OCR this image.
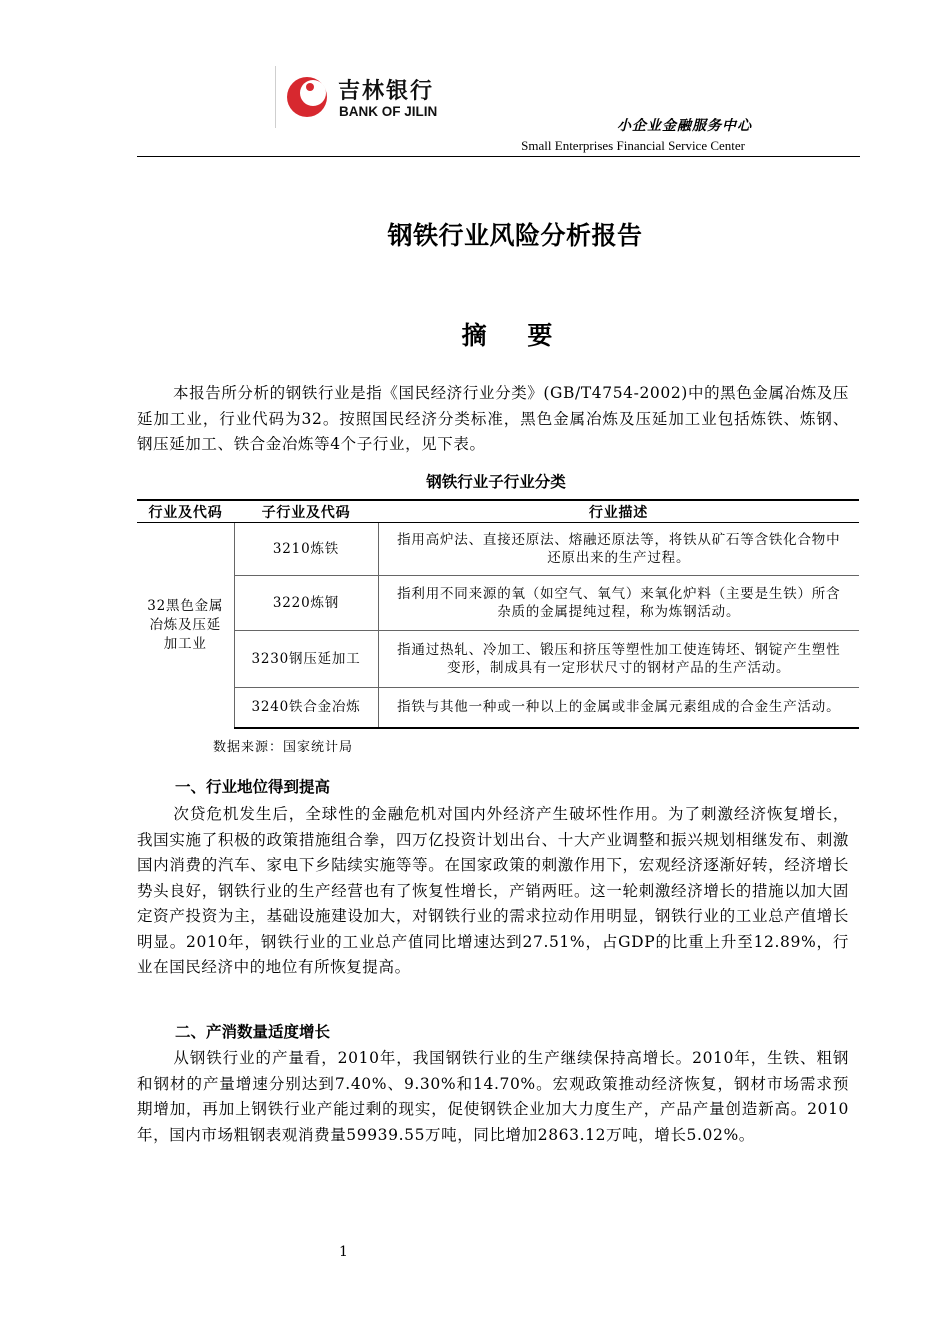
吉林银行
BANK OF JILIN
小企业金融服务中心
Small Enterprises Financial Service Center
钢铁行业风险分析报告
摘 要
本报告所分析的钢铁行业是指《国民经济行业分类》(GB/T4754-2002)中的黑色金属冶炼及压延加工业，行业代码为32。按照国民经济分类标准，黑色金属冶炼及压延加工业包括炼铁、炼钢、钢压延加工、铁合金冶炼等4个子行业，见下表。
钢铁行业子行业分类
行业及代码	子行业及代码	行业描述
32黑色金属冶炼及压延加工业	3210炼铁	指用高炉法、直接还原法、熔融还原法等，将铁从矿石等含铁化合物中还原出来的生产过程。
	3220炼钢	指利用不同来源的氧（如空气、氧气）来氧化炉料（主要是生铁）所含杂质的金属提纯过程，称为炼钢活动。
	3230钢压延加工	指通过热轧、冷加工、锻压和挤压等塑性加工使连铸坯、钢锭产生塑性变形，制成具有一定形状尺寸的钢材产品的生产活动。
	3240铁合金冶炼	指铁与其他一种或一种以上的金属或非金属元素组成的合金生产活动。
数据来源：国家统计局
一、行业地位得到提高
次贷危机发生后，全球性的金融危机对国内外经济产生破坏性作用。为了刺激经济恢复增长，我国实施了积极的政策措施组合拳，四万亿投资计划出台、十大产业调整和振兴规划相继发布、刺激国内消费的汽车、家电下乡陆续实施等等。在国家政策的刺激作用下，宏观经济逐渐好转，经济增长势头良好，钢铁行业的生产经营也有了恢复性增长，产销两旺。这一轮刺激经济增长的措施以加大固定资产投资为主，基础设施建设加大，对钢铁行业的需求拉动作用明显，钢铁行业的工业总产值增长明显。2010年，钢铁行业的工业总产值同比增速达到27.51%，占GDP的比重上升至12.89%，行业在国民经济中的地位有所恢复提高。
二、产消数量适度增长
从钢铁行业的产量看，2010年，我国钢铁行业的生产继续保持高增长。2010年，生铁、粗钢和钢材的产量增速分别达到7.40%、9.30%和14.70%。宏观政策推动经济恢复，钢材市场需求预期增加，再加上钢铁行业产能过剩的现实，促使钢铁企业加大力度生产，产品产量创造新高。2010年，国内市场粗钢表观消费量59939.55万吨，同比增加2863.12万吨，增长5.02%。
1
